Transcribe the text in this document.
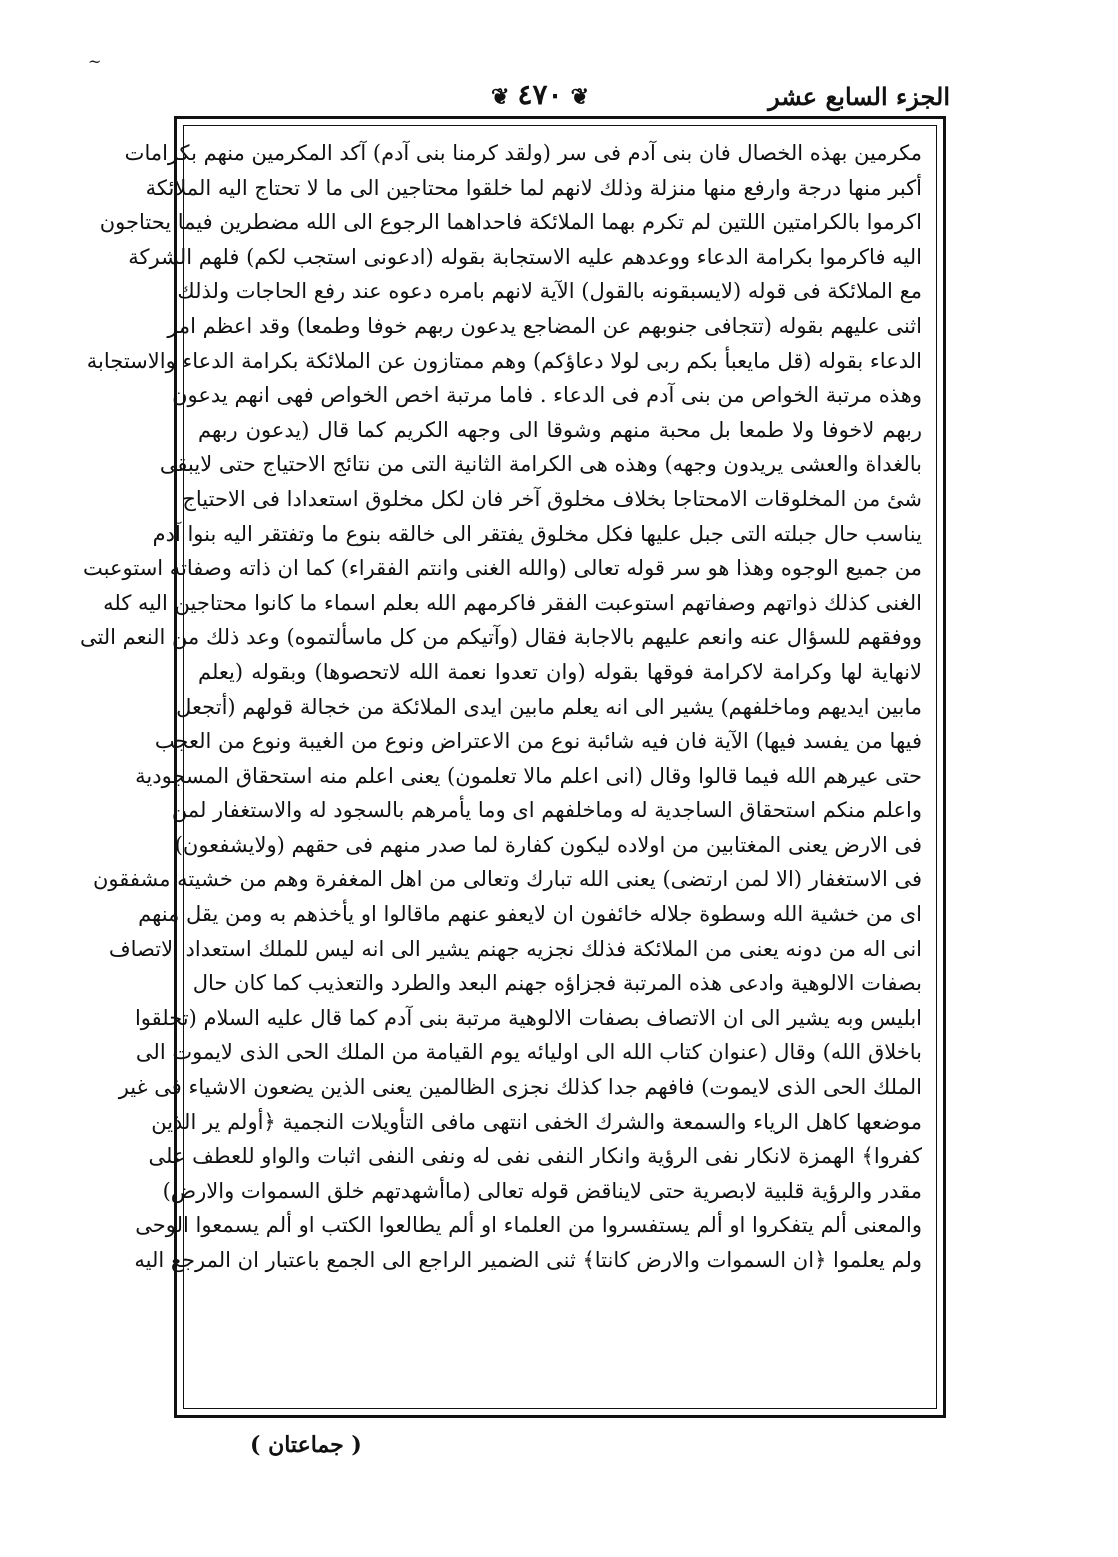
~
الجزء السابع عشر
❦٤٧٠❦
مكرمين بهذه الخصال فان بنى آدم فى سر (ولقد كرمنا بنى آدم) آكد المكرمين منهم بكرامات
أكبر منها درجة وارفع منها منزلة وذلك لانهم لما خلقوا محتاجين الى ما لا تحتاج اليه الملائكة
اكرموا بالكرامتين اللتين لم تكرم بهما الملائكة فاحداهما الرجوع الى الله مضطرين فيما يحتاجون
اليه فاكرموا بكرامة الدعاء ووعدهم عليه الاستجابة بقوله (ادعونى استجب لكم) فلهم الشركة
مع الملائكة فى قوله (لايسبقونه بالقول) الآية لانهم بامره دعوه عند رفع الحاجات ولذلك
اثنى عليهم بقوله (تتجافى جنوبهم عن المضاجع يدعون ربهم خوفا وطمعا) وقد اعظم امر
الدعاء بقوله (قل مايعبأ بكم ربى لولا دعاؤكم) وهم ممتازون عن الملائكة بكرامة الدعاء والاستجابة
وهذه مرتبة الخواص من بنى آدم فى الدعاء . فاما مرتبة اخص الخواص فهى انهم يدعون
ربهم لاخوفا ولا طمعا بل محبة منهم وشوقا الى وجهه الكريم كما قال (يدعون ربهم
بالغداة والعشى يريدون وجهه) وهذه هى الكرامة الثانية التى من نتائج الاحتياج حتى لايبقى
شئ من المخلوقات الامحتاجا بخلاف مخلوق آخر فان لكل مخلوق استعدادا فى الاحتياج
يناسب حال جبلته التى جبل عليها فكل مخلوق يفتقر الى خالقه بنوع ما وتفتقر اليه بنوا آدم
من جميع الوجوه وهذا هو سر قوله تعالى (والله الغنى وانتم الفقراء) كما ان ذاته وصفاته استوعبت
الغنى كذلك ذواتهم وصفاتهم استوعبت الفقر فاكرمهم الله بعلم اسماء ما كانوا محتاجين اليه كله
ووفقهم للسؤال عنه وانعم عليهم بالاجابة فقال (وآتيكم من كل ماسألتموه) وعد ذلك من النعم التى
لانهاية لها وكرامة لاكرامة فوقها بقوله (وان تعدوا نعمة الله لاتحصوها) وبقوله (يعلم
مابين ايديهم وماخلفهم) يشير الى انه يعلم مابين ايدى الملائكة من خجالة قولهم (أتجعل
فيها من يفسد فيها) الآية فان فيه شائبة نوع من الاعتراض ونوع من الغيبة ونوع من العجب
حتى عيرهم الله فيما قالوا وقال (انى اعلم مالا تعلمون) يعنى اعلم منه استحقاق المسجودية
واعلم منكم استحقاق الساجدية له وماخلفهم اى وما يأمرهم بالسجود له والاستغفار لمن
فى الارض يعنى المغتابين من اولاده ليكون كفارة لما صدر منهم فى حقهم (ولايشفعون)
فى الاستغفار (الا لمن ارتضى) يعنى الله تبارك وتعالى من اهل المغفرة وهم من خشيته مشفقون
اى من خشية الله وسطوة جلاله خائفون ان لايعفو عنهم ماقالوا او يأخذهم به ومن يقل منهم
انى اله من دونه يعنى من الملائكة فذلك نجزيه جهنم يشير الى انه ليس للملك استعداد الاتصاف
بصفات الالوهية وادعى هذه المرتبة فجزاؤه جهنم البعد والطرد والتعذيب كما كان حال
ابليس وبه يشير الى ان الاتصاف بصفات الالوهية مرتبة بنى آدم كما قال عليه السلام (تخلقوا
باخلاق الله) وقال (عنوان كتاب الله الى اوليائه يوم القيامة من الملك الحى الذى لايموت الى
الملك الحى الذى لايموت) فافهم جدا كذلك نجزى الظالمين يعنى الذين يضعون الاشياء فى غير
موضعها كاهل الرياء والسمعة والشرك الخفى انتهى مافى التأويلات النجمية ﴿أولم ير الذين
كفروا﴾ الهمزة لانكار نفى الرؤية وانكار النفى نفى له ونفى النفى اثبات والواو للعطف على
مقدر والرؤية قلبية لابصرية حتى لايناقض قوله تعالى (ماأشهدتهم خلق السموات والارض)
والمعنى ألم يتفكروا او ألم يستفسروا من العلماء او ألم يطالعوا الكتب او ألم يسمعوا الوحى
ولم يعلموا ﴿ان السموات والارض كانتا﴾ ثنى الضمير الراجع الى الجمع باعتبار ان المرجع اليه
( جماعتان )
